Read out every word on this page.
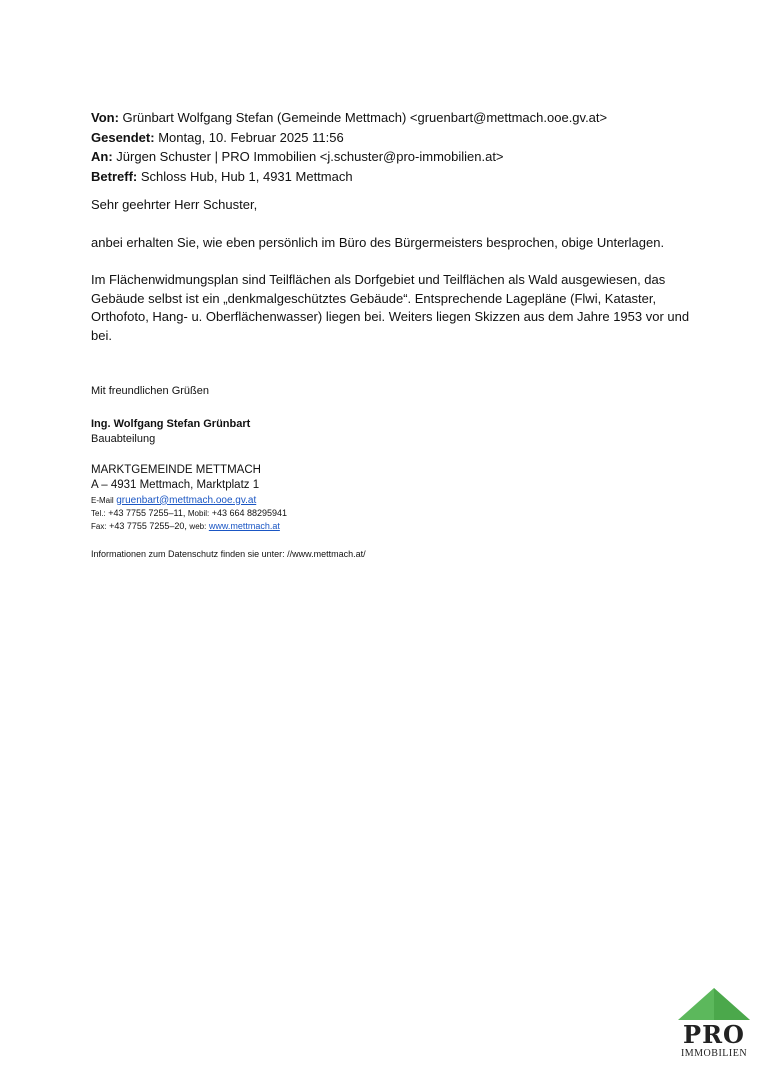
Von: Grünbart Wolfgang Stefan (Gemeinde Mettmach) <gruenbart@mettmach.ooe.gv.at>
Gesendet: Montag, 10. Februar 2025 11:56
An: Jürgen Schuster | PRO Immobilien <j.schuster@pro-immobilien.at>
Betreff: Schloss Hub, Hub 1, 4931 Mettmach

Sehr geehrter Herr Schuster,

anbei erhalten Sie, wie eben persönlich im Büro des Bürgermeisters besprochen, obige Unterlagen.

Im Flächenwidmungsplan sind Teilflächen als Dorfgebiet und Teilflächen als Wald ausgewiesen, das Gebäude selbst ist ein „denkmalgeschütztes Gebäude“. Entsprechende Lagepläne (Flwi, Kataster, Orthofoto, Hang- u. Oberflächenwasser) liegen bei. Weiters liegen Skizzen aus dem Jahre 1953 vor und bei.

Mit freundlichen Grüßen
Ing. Wolfgang Stefan Grünbart
Bauabteilung
MARKTGEMEINDE METTMACH
A – 4931 Mettmach, Marktplatz 1
E-Mail gruenbart@mettmach.ooe.gv.at
Tel.: +43 7755 7255–11, Mobil: +43 664 88295941
Fax: +43 7755 7255–20, web: www.mettmach.at
Informationen zum Datenschutz finden sie unter: //www.mettmach.at/
PRO
IMMOBILIEN
